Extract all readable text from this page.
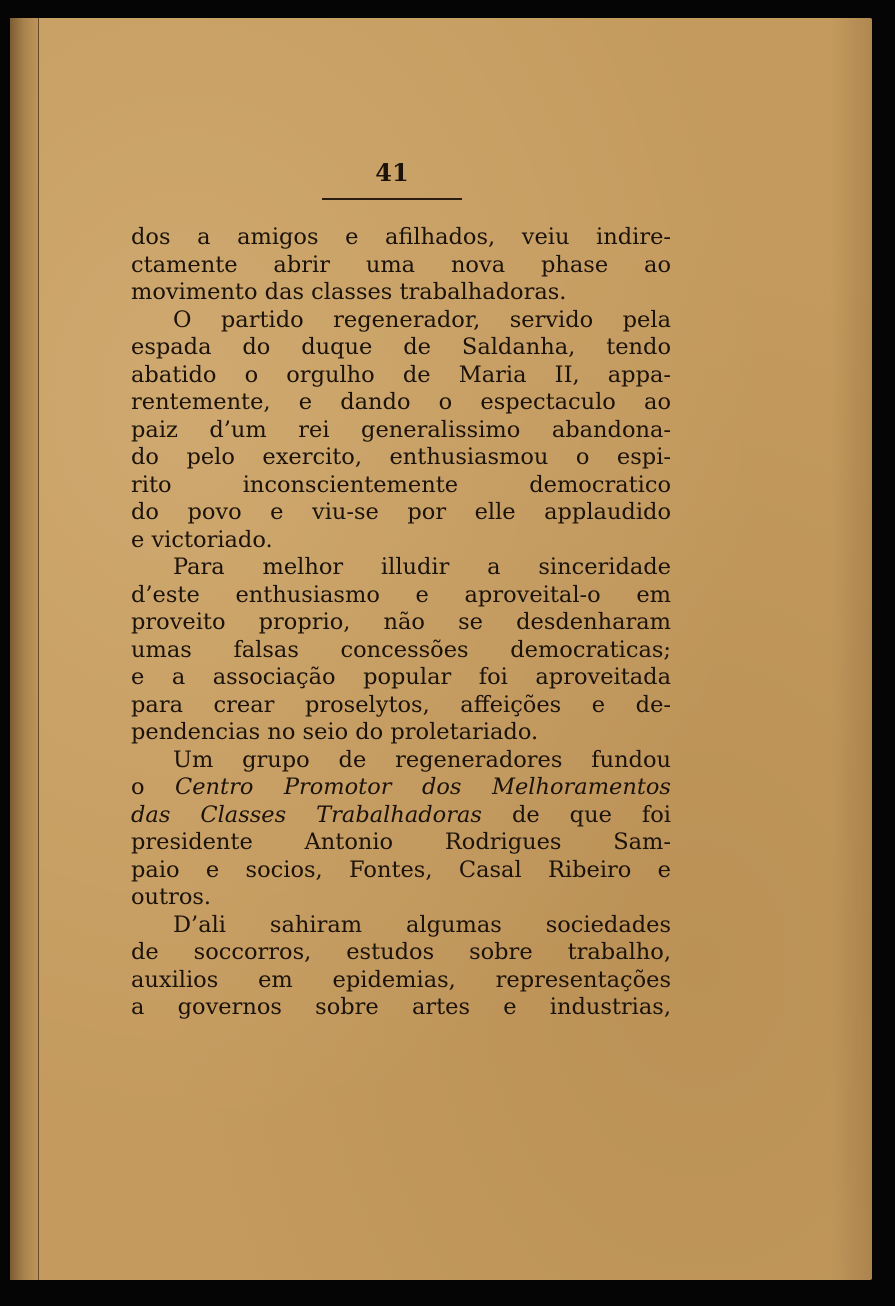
41

dos a amigos e afilhados, veiu indire-
ctamente abrir uma nova phase ao
movimento das classes trabalhadoras.
O partido regenerador, servido pela
espada do duque de Saldanha, tendo
abatido o orgulho de Maria II, appa-
rentemente, e dando o espectaculo ao
paiz d’um rei generalissimo abandona-
do pelo exercito, enthusiasmou o espi-
rito inconscientemente democratico
do povo e viu-se por elle applaudido
e victoriado.
Para melhor illudir a sinceridade
d’este enthusiasmo e aproveital-o em
proveito proprio, não se desdenharam
umas falsas concessões democraticas;
e a associação popular foi aproveitada
para crear proselytos, affeições e de-
pendencias no seio do proletariado.
Um grupo de regeneradores fundou
o Centro Promotor dos Melhoramentos
das Classes Trabalhadoras de que foi
presidente Antonio Rodrigues Sam-
paio e socios, Fontes, Casal Ribeiro e
outros.
D’ali sahiram algumas sociedades
de soccorros, estudos sobre trabalho,
auxilios em epidemias, representações
a governos sobre artes e industrias,
